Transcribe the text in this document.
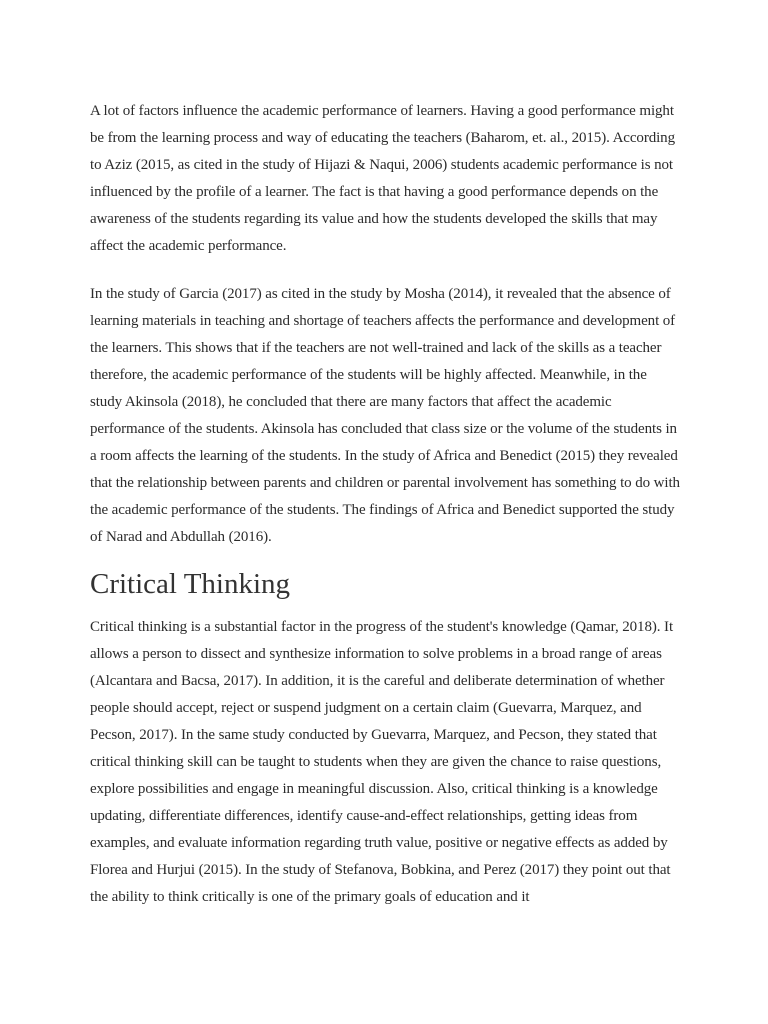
A lot of factors influence the academic performance of learners. Having a good performance might be from the learning process and way of educating the teachers (Baharom, et. al., 2015). According to Aziz (2015, as cited in the study of Hijazi & Naqui, 2006) students academic performance is not influenced by the profile of a learner. The fact is that having a good performance depends on the awareness of the students regarding its value and how the students developed the skills that may affect the academic performance.

In the study of Garcia (2017) as cited in the study by Mosha (2014), it revealed that the absence of learning materials in teaching and shortage of teachers affects the performance and development of the learners. This shows that if the teachers are not well-trained and lack of the skills as a teacher therefore, the academic performance of the students will be highly affected. Meanwhile, in the study Akinsola (2018), he concluded that there are many factors that affect the academic performance of the students. Akinsola has concluded that class size or the volume of the students in a room affects the learning of the students. In the study of Africa and Benedict (2015) they revealed that the relationship between parents and children or parental involvement has something to do with the academic performance of the students. The findings of Africa and Benedict supported the study of Narad and Abdullah (2016).

Critical Thinking

Critical thinking is a substantial factor in the progress of the student's knowledge (Qamar, 2018). It allows a person to dissect and synthesize information to solve problems in a broad range of areas (Alcantara and Bacsa, 2017). In addition, it is the careful and deliberate determination of whether people should accept, reject or suspend judgment on a certain claim (Guevarra, Marquez, and Pecson, 2017). In the same study conducted by Guevarra, Marquez, and Pecson, they stated that critical thinking skill can be taught to students when they are given the chance to raise questions, explore possibilities and engage in meaningful discussion. Also, critical thinking is a knowledge updating, differentiate differences, identify cause-and-effect relationships, getting ideas from examples, and evaluate information regarding truth value, positive or negative effects as added by Florea and Hurjui (2015). In the study of Stefanova, Bobkina, and Perez (2017) they point out that the ability to think critically is one of the primary goals of education and it
